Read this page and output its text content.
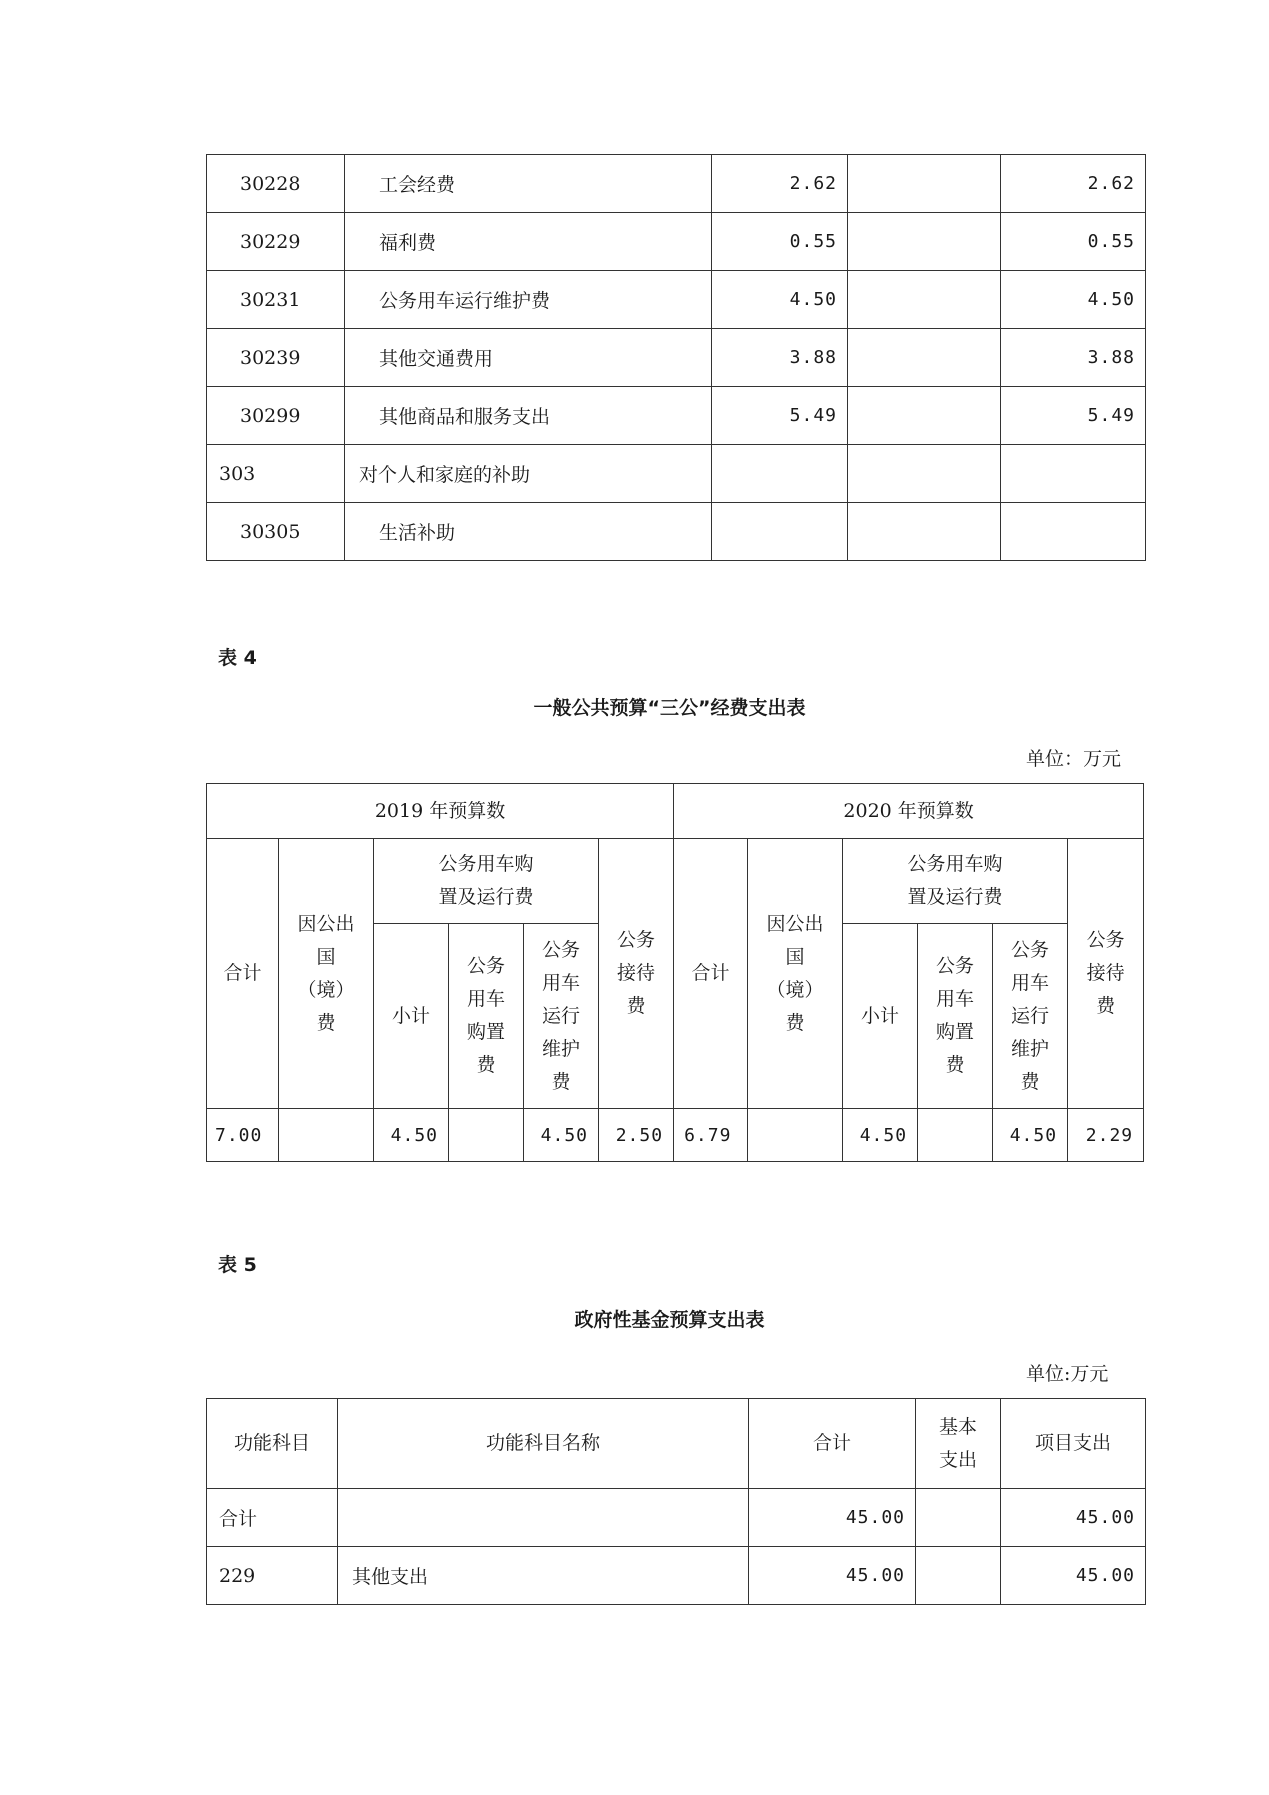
30228	工会经费	2.62		2.62
30229	福利费	0.55		0.55
30231	公务用车运行维护费	4.50		4.50
30239	其他交通费用	3.88		3.88
30299	其他商品和服务支出	5.49		5.49
303	对个人和家庭的补助			
30305	生活补助			
表 4
一般公共预算“三公”经费支出表
单位：万元
2019 年预算数						2020 年预算数					
合计	因公出国（境）费	公务用车购置及运行费			公务接待费	合计	因公出国（境）费	公务用车购置及运行费			公务接待费
		小计	公务用车购置费	公务用车运行维护费				小计	公务用车购置费	公务用车运行维护费	
7.00		4.50		4.50	2.50	6.79		4.50		4.50	2.29
表 5
政府性基金预算支出表
单位:万元
功能科目	功能科目名称	合计	基本支出	项目支出
合计		45.00		45.00
229	其他支出	45.00		45.00
